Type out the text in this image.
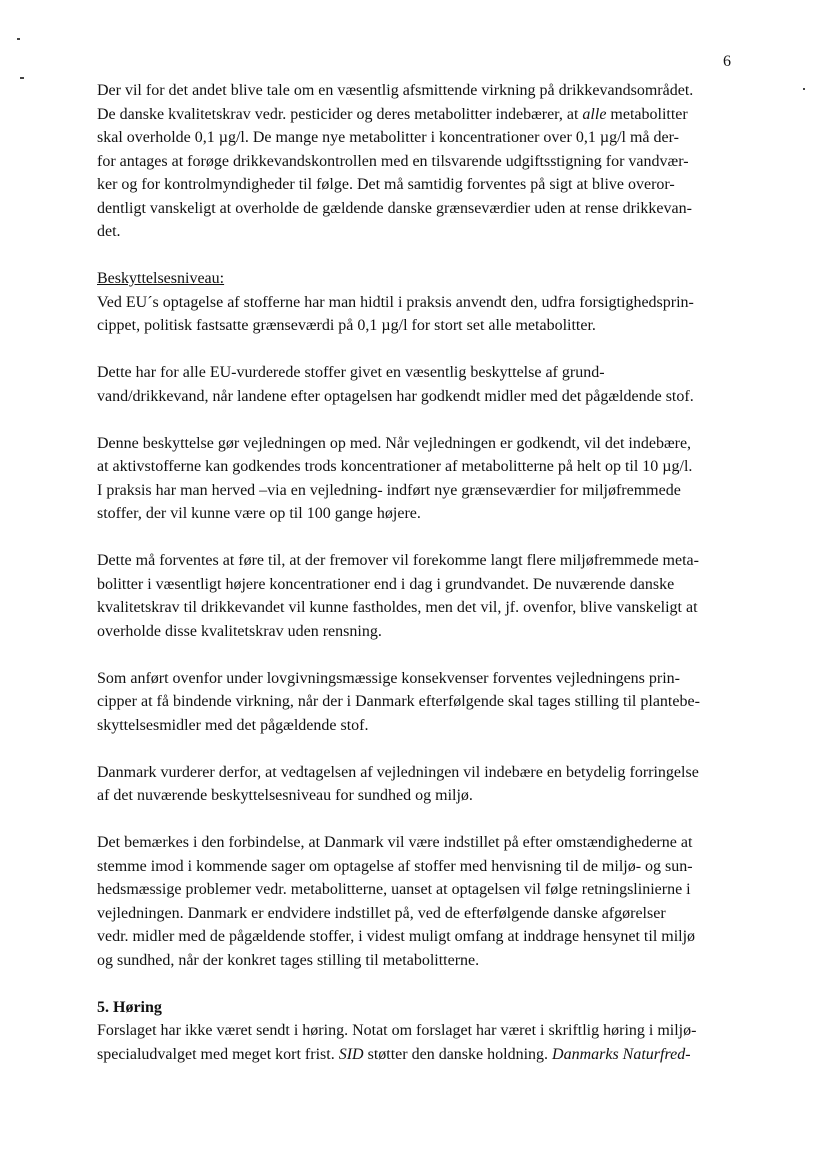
6
Der vil for det andet blive tale om en væsentlig afsmittende virkning på drikkevandsområdet.
De danske kvalitetskrav vedr. pesticider og deres metabolitter indebærer, at alle metabolitter
skal overholde 0,1 µg/l. De mange nye metabolitter i koncentrationer over 0,1 µg/l må der-
for antages at forøge drikkevandskontrollen med en tilsvarende udgiftsstigning for vandvær-
ker og for kontrolmyndigheder til følge. Det må samtidig forventes på sigt at blive overor-
dentligt vanskeligt at overholde de gældende danske grænseværdier uden at rense drikkevan-
det.
Beskyttelsesniveau:
Ved EU´s optagelse af stofferne har man hidtil i praksis anvendt den, udfra forsigtighedsprin-
cippet, politisk fastsatte grænseværdi på 0,1 µg/l for stort set alle metabolitter.
Dette har for alle EU-vurderede stoffer givet en væsentlig beskyttelse af grund-
vand/drikkevand, når landene efter optagelsen har godkendt midler med det pågældende stof.
Denne beskyttelse gør vejledningen op med. Når vejledningen er godkendt, vil det indebære,
at aktivstofferne kan godkendes trods koncentrationer af metabolitterne på helt op til 10 µg/l.
I praksis har man herved –via en vejledning- indført nye grænseværdier for miljøfremmede
stoffer, der vil kunne være op til 100 gange højere.
Dette må forventes at føre til, at der fremover vil forekomme langt flere miljøfremmede meta-
bolitter i væsentligt højere koncentrationer end i dag i grundvandet. De nuværende danske
kvalitetskrav til drikkevandet vil kunne fastholdes, men det vil, jf. ovenfor, blive vanskeligt at
overholde disse kvalitetskrav uden rensning.
Som anført ovenfor under lovgivningsmæssige konsekvenser forventes vejledningens prin-
cipper at få bindende virkning, når der i Danmark efterfølgende skal tages stilling til plantebe-
skyttelsesmidler med det pågældende stof.
Danmark vurderer derfor, at vedtagelsen af vejledningen vil indebære en betydelig forringelse
af det nuværende beskyttelsesniveau for sundhed og miljø.
Det bemærkes i den forbindelse, at Danmark vil være indstillet på efter omstændighederne at
stemme imod i kommende sager om optagelse af stoffer med henvisning til de miljø- og sun-
hedsmæssige problemer vedr. metabolitterne, uanset at optagelsen vil følge retningslinierne i
vejledningen. Danmark er endvidere indstillet på, ved de efterfølgende danske afgørelser
vedr. midler med de pågældende stoffer, i videst muligt omfang at inddrage hensynet til miljø
og sundhed, når der konkret tages stilling til metabolitterne.
5. Høring
Forslaget har ikke været sendt i høring. Notat om forslaget har været i skriftlig høring i miljø-
specialudvalget med meget kort frist. SID støtter den danske holdning. Danmarks Naturfred-
